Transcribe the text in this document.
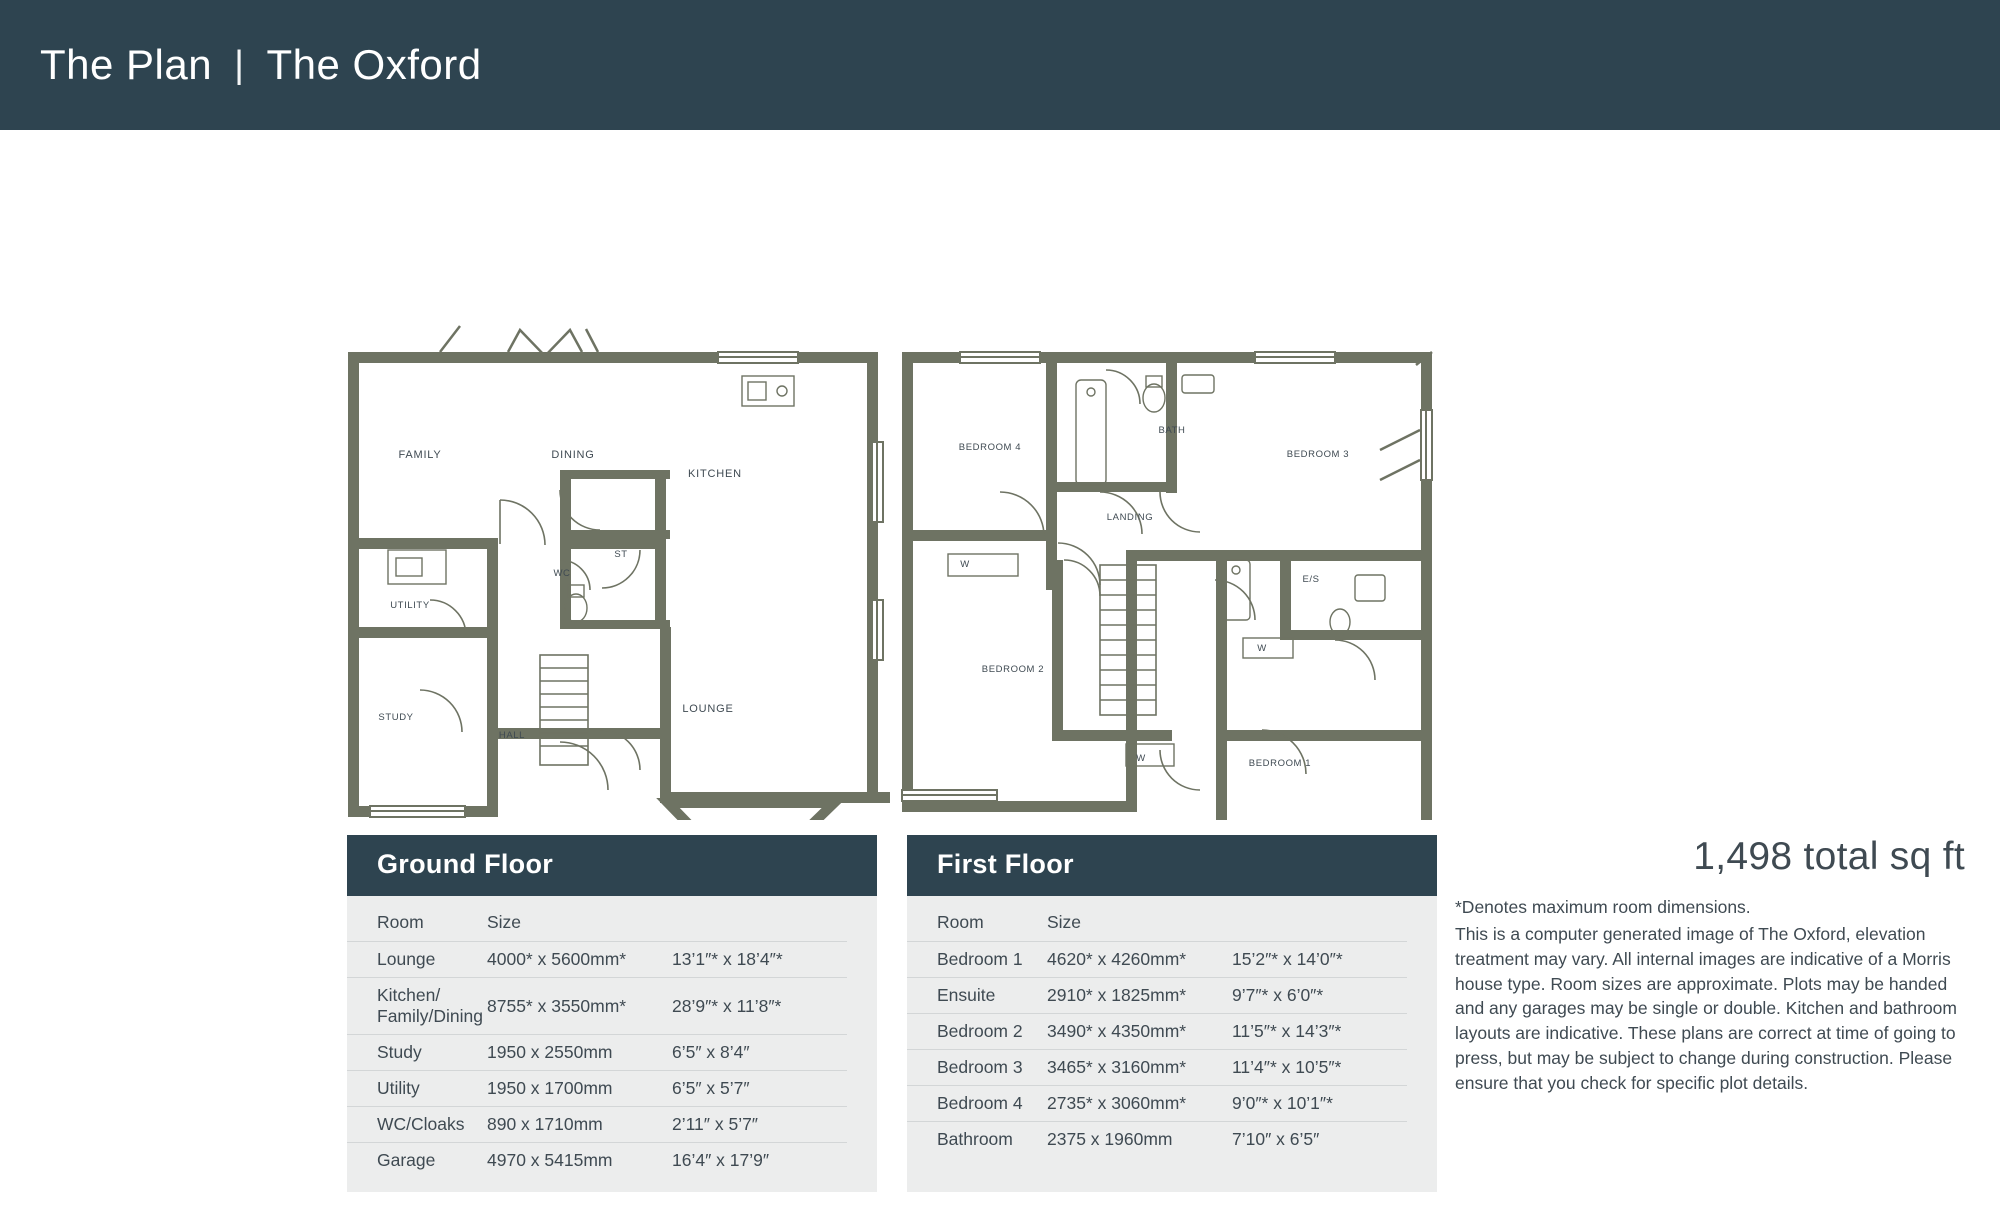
The Plan | The Oxford
FAMILY	DINING
KITCHEN
UTILITY
WC
ST
STUDY
HALL
LOUNGE
BEDROOM 4
BATH
BEDROOM 3
LANDING
W
BEDROOM 2
E/S
W
W	BEDROOM 1
Ground Floor
Room	Size	
Lounge	4000* x 5600mm*	13’1″* x 18’4″*
Kitchen/ Family/Dining	8755* x 3550mm*	28’9″* x 11’8″*
Study	1950 x 2550mm	6’5″ x 8’4″
Utility	1950 x 1700mm	6’5″ x 5’7″
WC/Cloaks	890 x 1710mm	2’11″ x 5’7″
Garage	4970 x 5415mm	16’4″ x 17’9″
First Floor
Room	Size	
Bedroom 1	4620* x 4260mm*	15’2″* x 14’0″*
Ensuite	2910* x 1825mm*	9’7″* x 6’0″*
Bedroom 2	3490* x 4350mm*	11’5″* x 14’3″*
Bedroom 3	3465* x 3160mm*	11’4″* x 10’5″*
Bedroom 4	2735* x 3060mm*	9’0″* x 10’1″*
Bathroom	2375 x 1960mm	7’10″ x 6’5″
1,498 total sq ft

*Denotes maximum room dimensions.

This is a computer generated image of The Oxford, elevation treatment may vary. All internal images are indicative of a Morris house type. Room sizes are approximate. Plots may be handed and any garages may be single or double. Kitchen and bathroom layouts are indicative. These plans are correct at time of going to press, but may be subject to change during construction. Please ensure that you check for specific plot details.
